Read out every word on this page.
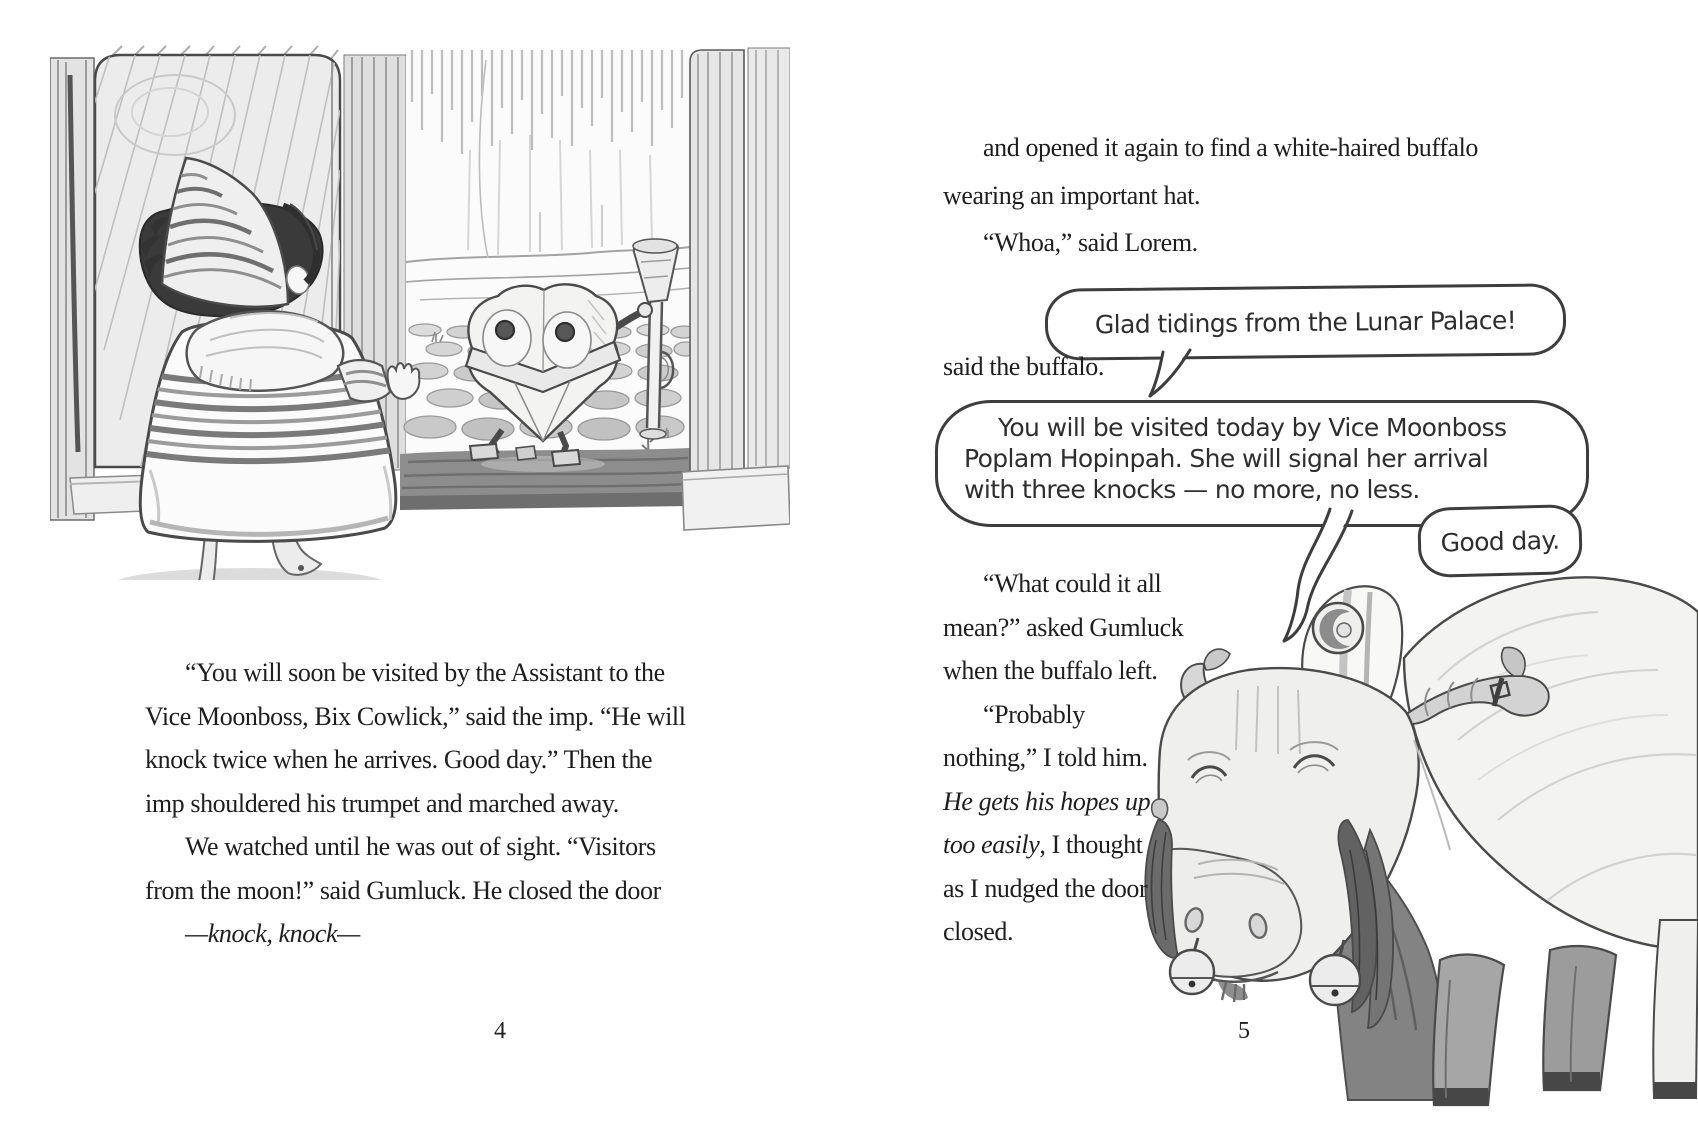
“You will soon be visited by the Assistant to the
Vice Moonboss, Bix Cowlick,” said the imp. “He will
knock twice when he arrives. Good day.” Then the
imp shouldered his trumpet and marched away.
We watched until he was out of sight. “Visitors
from the moon!” said Gumluck. He closed the door
—knock, knock—
4
and opened it again to find a white-haired buffalo
wearing an important hat.
“Whoa,” said Lorem.
Glad tidings from the Lunar Palace!
said the buffalo.
You will be visited today by Vice Moonboss
Poplam Hopinpah. She will signal her arrival
with three knocks — no more, no less.
Good day.
“What could it all
mean?” asked Gumluck
when the buffalo left.
“Probably
nothing,” I told him.
He gets his hopes up
too easily, I thought
as I nudged the door
closed.
5
